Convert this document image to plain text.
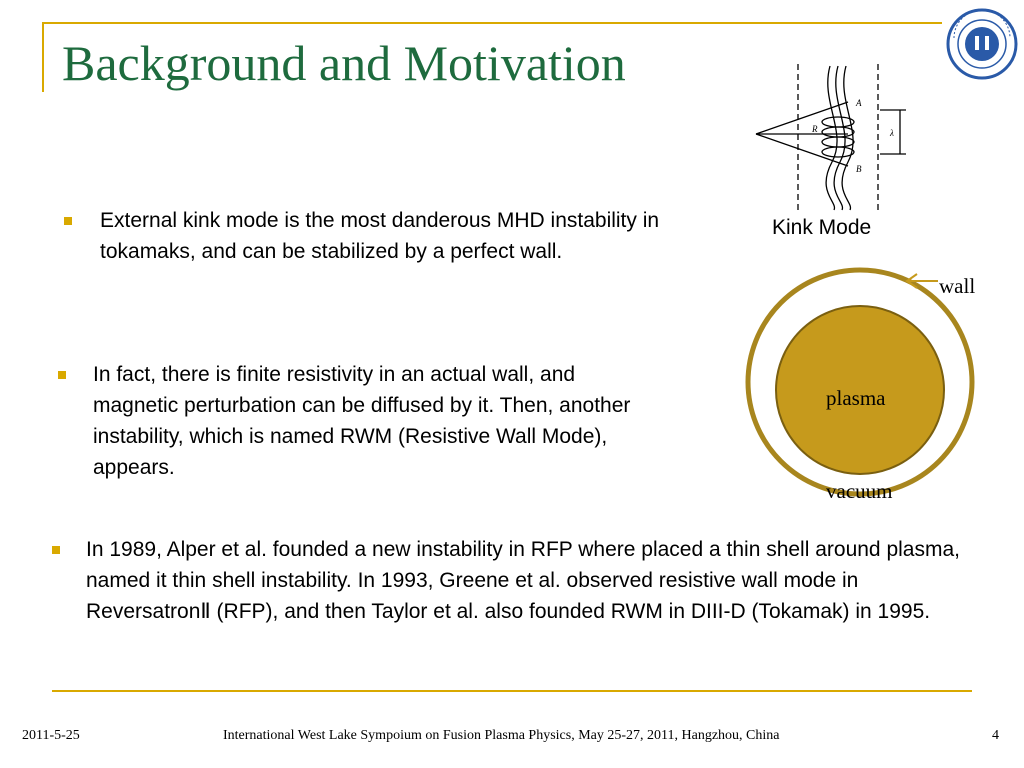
Background and Motivation
A
B
R	λ
Kink Mode
External kink mode is the most danderous MHD instability in tokamaks, and can be stabilized by a perfect wall.
In fact, there is finite resistivity in an actual wall, and magnetic perturbation can be diffused by it. Then, another instability, which is named RWM (Resistive Wall Mode), appears.
In 1989, Alper et al. founded a new instability in RFP where placed a thin shell around plasma, named it thin shell instability. In 1993, Greene et al. observed resistive wall mode in ReversatronⅡ (RFP), and then Taylor et al. also founded RWM in DIII-D (Tokamak) in 1995.
wall
plasma
vacuum
2011-5-25	International West Lake Sympoium on Fusion Plasma Physics, May 25-27, 2011, Hangzhou, China	4
